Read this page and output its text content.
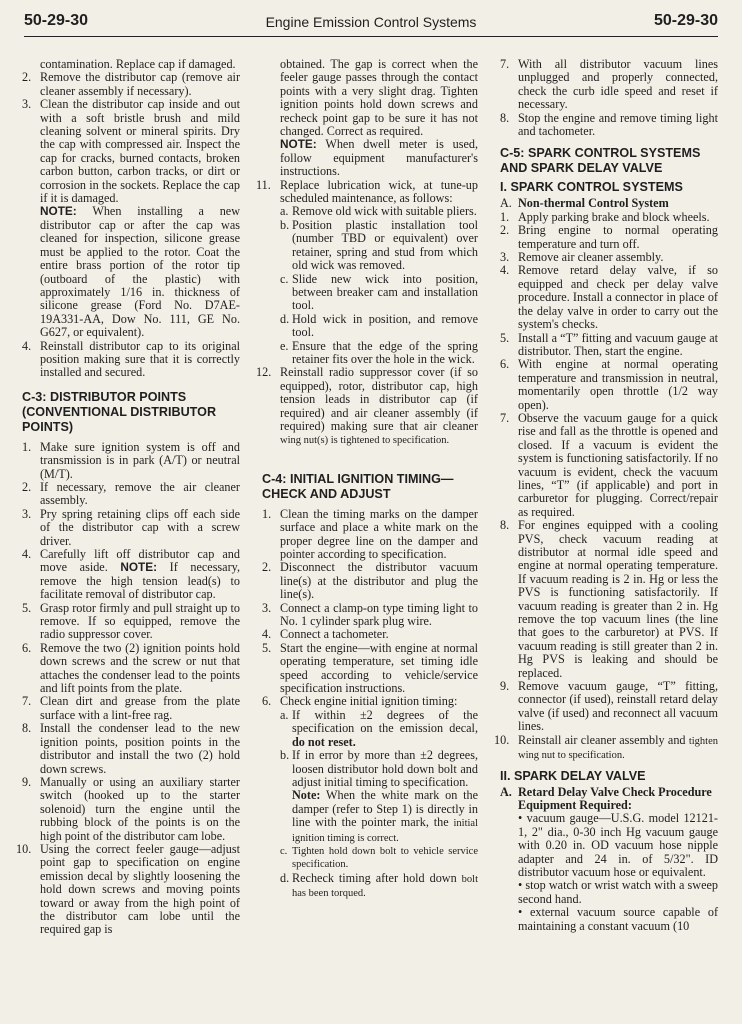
50-29-30	Engine Emission Control Systems	50-29-30

contamination. Replace cap if damaged.

2. Remove the distributor cap (remove air cleaner assembly if necessary).

3. Clean the distributor cap inside and out with a soft bristle brush and mild cleaning solvent or mineral spirits. Dry the cap with compressed air. Inspect the cap for cracks, burned contacts, broken carbon button, carbon tracks, or dirt or corrosion in the sockets. Replace the cap if it is damaged.

NOTE: When installing a new distributor cap or after the cap was cleaned for inspection, silicone grease must be applied to the rotor. Coat the entire brass portion of the rotor tip (outboard of the plastic) with approximately 1/16 in. thickness of silicone grease (Ford No. D7AE-19A331-AA, Dow No. 111, GE No. G627, or equivalent).

4. Reinstall distributor cap to its original position making sure that it is correctly installed and secured.

C-3: DISTRIBUTOR POINTS (CONVENTIONAL DISTRIBUTOR POINTS)

1. Make sure ignition system is off and transmission is in park (A/T) or neutral (M/T).

2. If necessary, remove the air cleaner assembly.

3. Pry spring retaining clips off each side of the distributor cap with a screw driver.

4. Carefully lift off distributor cap and move aside. NOTE: If necessary, remove the high tension lead(s) to facilitate removal of distributor cap.

5. Grasp rotor firmly and pull straight up to remove. If so equipped, remove the radio suppressor cover.

6. Remove the two (2) ignition points hold down screws and the screw or nut that attaches the condenser lead to the points and lift points from the plate.

7. Clean dirt and grease from the plate surface with a lint-free rag.

8. Install the condenser lead to the new ignition points, position points in the distributor and install the two (2) hold down screws.

9. Manually or using an auxiliary starter switch (hooked up to the starter solenoid) turn the engine until the rubbing block of the points is on the high point of the distributor cam lobe.

10. Using the correct feeler gauge—adjust point gap to specification on engine emission decal by slightly loosening the hold down screws and moving points toward or away from the high point of the distributor cam lobe until the required gap is

obtained. The gap is correct when the feeler gauge passes through the contact points with a very slight drag. Tighten ignition points hold down screws and recheck point gap to be sure it has not changed. Correct as required.

NOTE: When dwell meter is used, follow equipment manufacturer's instructions.

11. Replace lubrication wick, at tune-up scheduled maintenance, as follows:

a. Remove old wick with suitable pliers.

b. Position plastic installation tool (number TBD or equivalent) over retainer, spring and stud from which old wick was removed.

c. Slide new wick into position, between breaker cam and installation tool.

d. Hold wick in position, and remove tool.

e. Ensure that the edge of the spring retainer fits over the hole in the wick.

12. Reinstall radio suppressor cover (if so equipped), rotor, distributor cap, high tension leads in distributor cap (if required) and air cleaner assembly (if required) making sure that air cleaner wing nut(s) is tightened to specification.

C-4: INITIAL IGNITION TIMING—CHECK AND ADJUST

1. Clean the timing marks on the damper surface and place a white mark on the proper degree line on the damper and pointer according to specification.

2. Disconnect the distributor vacuum line(s) at the distributor and plug the line(s).

3. Connect a clamp-on type timing light to No. 1 cylinder spark plug wire.

4. Connect a tachometer.

5. Start the engine—with engine at normal operating temperature, set timing idle speed according to vehicle/service specification instructions.

6. Check engine initial ignition timing:

a. If within ±2 degrees of the specification on the emission decal, do not reset.

b. If in error by more than ±2 degrees, loosen distributor hold down bolt and adjust initial timing to specification.

Note: When the white mark on the damper (refer to Step 1) is directly in line with the pointer mark, the initial ignition timing is correct.

c. Tighten hold down bolt to vehicle service specification.

d. Recheck timing after hold down bolt has been torqued.

7. With all distributor vacuum lines unplugged and properly connected, check the curb idle speed and reset if necessary.

8. Stop the engine and remove timing light and tachometer.

C-5: SPARK CONTROL SYSTEMS AND SPARK DELAY VALVE
I. SPARK CONTROL SYSTEMS

A. Non-thermal Control System

1. Apply parking brake and block wheels.

2. Bring engine to normal operating temperature and turn off.

3. Remove air cleaner assembly.

4. Remove retard delay valve, if so equipped and check per delay valve procedure. Install a connector in place of the delay valve in order to carry out the system's checks.

5. Install a “T” fitting and vacuum gauge at distributor. Then, start the engine.

6. With engine at normal operating temperature and transmission in neutral, momentarily open throttle (1/2 way open).

7. Observe the vacuum gauge for a quick rise and fall as the throttle is opened and closed. If a vacuum is evident the system is functioning satisfactorily. If no vacuum is evident, check the vacuum lines, “T” (if applicable) and port in carburetor for plugging. Correct/repair as required.

8. For engines equipped with a cooling PVS, check vacuum reading at distributor at normal idle speed and engine at normal operating temperature. If vacuum reading is 2 in. Hg or less the PVS is functioning satisfactorily. If vacuum reading is greater than 2 in. Hg remove the top vacuum lines (the line that goes to the carburetor) at PVS. If vacuum reading is still greater than 2 in. Hg PVS is leaking and should be replaced.

9. Remove vacuum gauge, “T” fitting, connector (if used), reinstall retard delay valve (if used) and reconnect all vacuum lines.

10. Reinstall air cleaner assembly and tighten wing nut to specification.

II. SPARK DELAY VALVE

A. Retard Delay Valve Check Procedure

Equipment Required:

• vacuum gauge—U.S.G. model 12121-1, 2" dia., 0-30 inch Hg vacuum gauge with 0.20 in. OD vacuum hose nipple adapter and 24 in. of 5/32". ID distributor vacuum hose or equivalent.

• stop watch or wrist watch with a sweep second hand.

• external vacuum source capable of maintaining a constant vacuum (10
